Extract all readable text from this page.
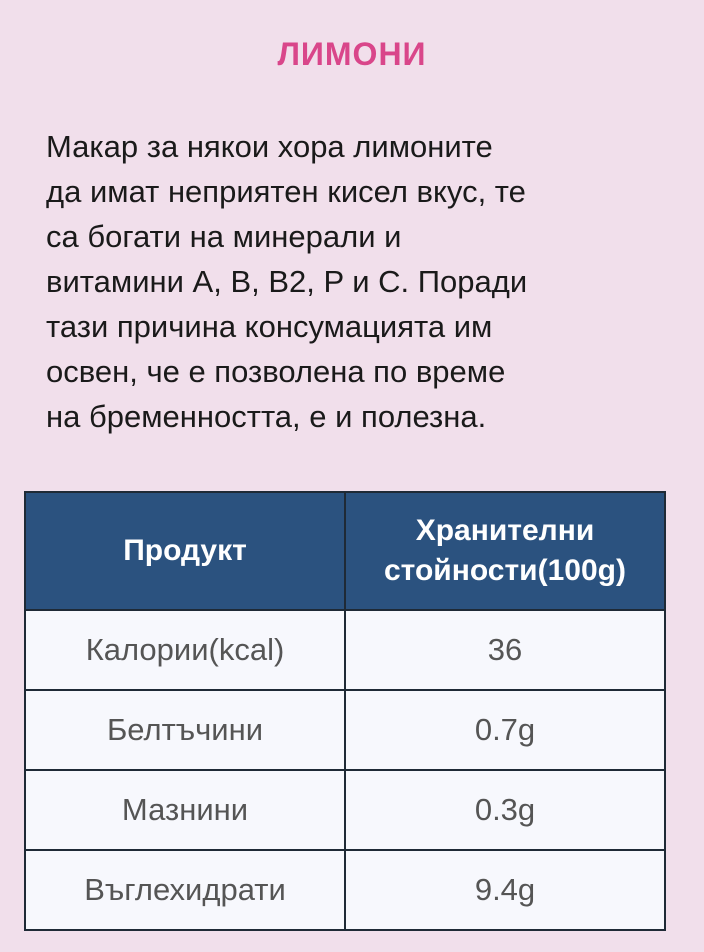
ЛИМОНИ
Макар за някои хора лимоните
да имат неприятен кисел вкус, те
са богати на минерали и
витамини A, B, B2, P и C. Поради
тази причина консумацията им
освен, че е позволена по време
на бременността, е и полезна.
Продукт	Хранителни
стойности(100g)

Калории(kcal)	36
Белтъчини	0.7g
Мазнини	0.3g
Въглехидрати	9.4g
